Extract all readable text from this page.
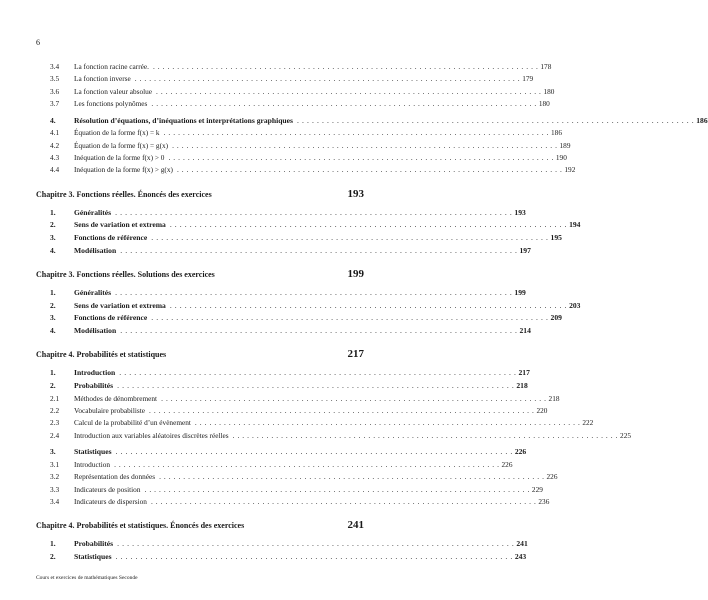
6
3.4	La fonction racine carrée. . . . . . . . . . . . . . . . . . . . . . . . . . . . . . . . . . . . . . . . . . . . . . . . . . . . . . . . . . . . . . . . . . . . . . . . . . . . . . . . . 178
3.5	La fonction inverse . . . . . . . . . . . . . . . . . . . . . . . . . . . . . . . . . . . . . . . . . . . . . . . . . . . . . . . . . . . . . . . . . . . . . . . . . . . . . . . . 179
3.6	La fonction valeur absolue . . . . . . . . . . . . . . . . . . . . . . . . . . . . . . . . . . . . . . . . . . . . . . . . . . . . . . . . . . . . . . . . . . . . . . . . . . . . . . . . 180
3.7	Les fonctions polynômes . . . . . . . . . . . . . . . . . . . . . . . . . . . . . . . . . . . . . . . . . . . . . . . . . . . . . . . . . . . . . . . . . . . . . . . . . . . . . . . . 180
4.	Résolution d’équations, d’inéquations et interprétations graphiques . . . . . . . . . . . . . . . . . . . . . . . . . . . . . . . . . . . . . . . . . . . . . . . . . . . . . . . . . . . . . . . . . . . . . . . . . . . . . . . . 186
4.1	Équation de la forme f(x) = k . . . . . . . . . . . . . . . . . . . . . . . . . . . . . . . . . . . . . . . . . . . . . . . . . . . . . . . . . . . . . . . . . . . . . . . . . . . . . . . . 186
4.2	Équation de la forme f(x) = g(x) . . . . . . . . . . . . . . . . . . . . . . . . . . . . . . . . . . . . . . . . . . . . . . . . . . . . . . . . . . . . . . . . . . . . . . . . . . . . . . . . 189
4.3	Inéquation de la forme f(x) > 0 . . . . . . . . . . . . . . . . . . . . . . . . . . . . . . . . . . . . . . . . . . . . . . . . . . . . . . . . . . . . . . . . . . . . . . . . . . . . . . . . 190
4.4	Inéquation de la forme f(x) > g(x) . . . . . . . . . . . . . . . . . . . . . . . . . . . . . . . . . . . . . . . . . . . . . . . . . . . . . . . . . . . . . . . . . . . . . . . . . . . . . . . . 192
Chapitre 3. Fonctions réelles. Énoncés des exercices	193
1.	Généralités . . . . . . . . . . . . . . . . . . . . . . . . . . . . . . . . . . . . . . . . . . . . . . . . . . . . . . . . . . . . . . . . . . . . . . . . . . . . . . . . 193
2.	Sens de variation et extrema . . . . . . . . . . . . . . . . . . . . . . . . . . . . . . . . . . . . . . . . . . . . . . . . . . . . . . . . . . . . . . . . . . . . . . . . . . . . . . . . 194
3.	Fonctions de référence . . . . . . . . . . . . . . . . . . . . . . . . . . . . . . . . . . . . . . . . . . . . . . . . . . . . . . . . . . . . . . . . . . . . . . . . . . . . . . . . 195
4.	Modélisation . . . . . . . . . . . . . . . . . . . . . . . . . . . . . . . . . . . . . . . . . . . . . . . . . . . . . . . . . . . . . . . . . . . . . . . . . . . . . . . . 197
Chapitre 3. Fonctions réelles. Solutions des exercices	199
1.	Généralités . . . . . . . . . . . . . . . . . . . . . . . . . . . . . . . . . . . . . . . . . . . . . . . . . . . . . . . . . . . . . . . . . . . . . . . . . . . . . . . . 199
2.	Sens de variation et extrema . . . . . . . . . . . . . . . . . . . . . . . . . . . . . . . . . . . . . . . . . . . . . . . . . . . . . . . . . . . . . . . . . . . . . . . . . . . . . . . . 203
3.	Fonctions de référence . . . . . . . . . . . . . . . . . . . . . . . . . . . . . . . . . . . . . . . . . . . . . . . . . . . . . . . . . . . . . . . . . . . . . . . . . . . . . . . . 209
4.	Modélisation . . . . . . . . . . . . . . . . . . . . . . . . . . . . . . . . . . . . . . . . . . . . . . . . . . . . . . . . . . . . . . . . . . . . . . . . . . . . . . . . 214
Chapitre 4. Probabilités et statistiques	217
1.	Introduction . . . . . . . . . . . . . . . . . . . . . . . . . . . . . . . . . . . . . . . . . . . . . . . . . . . . . . . . . . . . . . . . . . . . . . . . . . . . . . . . 217
2.	Probabilités . . . . . . . . . . . . . . . . . . . . . . . . . . . . . . . . . . . . . . . . . . . . . . . . . . . . . . . . . . . . . . . . . . . . . . . . . . . . . . . . 218
2.1	Méthodes de dénombrement . . . . . . . . . . . . . . . . . . . . . . . . . . . . . . . . . . . . . . . . . . . . . . . . . . . . . . . . . . . . . . . . . . . . . . . . . . . . . . . . 218
2.2	Vocabulaire probabiliste . . . . . . . . . . . . . . . . . . . . . . . . . . . . . . . . . . . . . . . . . . . . . . . . . . . . . . . . . . . . . . . . . . . . . . . . . . . . . . . . 220
2.3	Calcul de la probabilité d’un évènement . . . . . . . . . . . . . . . . . . . . . . . . . . . . . . . . . . . . . . . . . . . . . . . . . . . . . . . . . . . . . . . . . . . . . . . . . . . . . . . . 222
2.4	Introduction aux variables aléatoires discrètes réelles . . . . . . . . . . . . . . . . . . . . . . . . . . . . . . . . . . . . . . . . . . . . . . . . . . . . . . . . . . . . . . . . . . . . . . . . . . . . . . . . 225
3.	Statistiques . . . . . . . . . . . . . . . . . . . . . . . . . . . . . . . . . . . . . . . . . . . . . . . . . . . . . . . . . . . . . . . . . . . . . . . . . . . . . . . . 226
3.1	Introduction . . . . . . . . . . . . . . . . . . . . . . . . . . . . . . . . . . . . . . . . . . . . . . . . . . . . . . . . . . . . . . . . . . . . . . . . . . . . . . . . 226
3.2	Représentation des données . . . . . . . . . . . . . . . . . . . . . . . . . . . . . . . . . . . . . . . . . . . . . . . . . . . . . . . . . . . . . . . . . . . . . . . . . . . . . . . . 226
3.3	Indicateurs de position . . . . . . . . . . . . . . . . . . . . . . . . . . . . . . . . . . . . . . . . . . . . . . . . . . . . . . . . . . . . . . . . . . . . . . . . . . . . . . . . 229
3.4	Indicateurs de dispersion . . . . . . . . . . . . . . . . . . . . . . . . . . . . . . . . . . . . . . . . . . . . . . . . . . . . . . . . . . . . . . . . . . . . . . . . . . . . . . . . 236
Chapitre 4. Probabilités et statistiques. Énoncés des exercices	241
1.	Probabilités . . . . . . . . . . . . . . . . . . . . . . . . . . . . . . . . . . . . . . . . . . . . . . . . . . . . . . . . . . . . . . . . . . . . . . . . . . . . . . . . 241
2.	Statistiques . . . . . . . . . . . . . . . . . . . . . . . . . . . . . . . . . . . . . . . . . . . . . . . . . . . . . . . . . . . . . . . . . . . . . . . . . . . . . . . . 243
Cours et exercices de mathématiques Seconde
